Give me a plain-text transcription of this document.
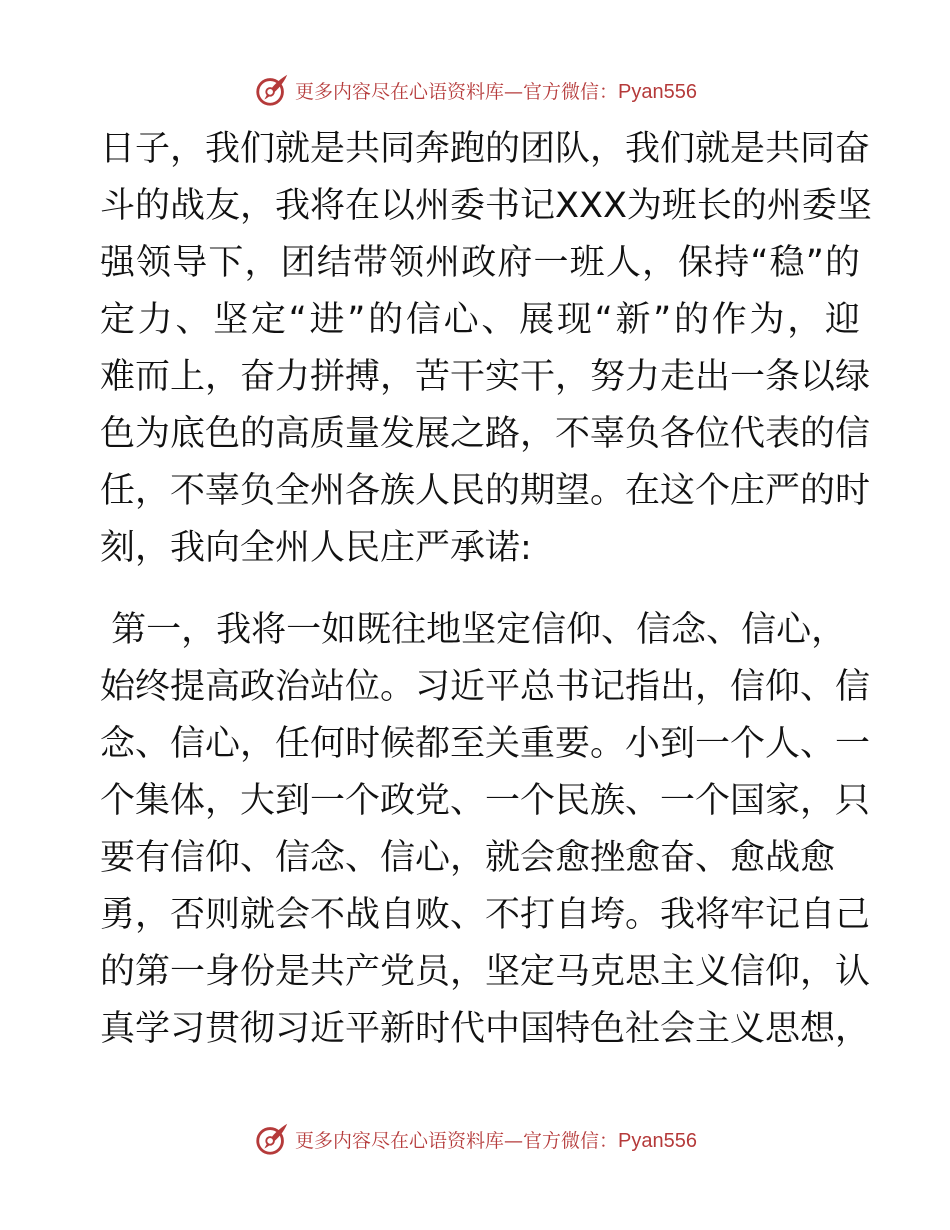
更多内容尽在心语资料库—官方微信：Pyan556
日子，我们就是共同奔跑的团队，我们就是共同奋
斗的战友，我将在以州委书记XXX为班长的州委坚
强领导下，团结带领州政府一班人，保持“稳”的
定力、坚定“进”的信心、展现“新”的作为，迎
难而上，奋力拼搏，苦干实干，努力走出一条以绿
色为底色的高质量发展之路，不辜负各位代表的信
任，不辜负全州各族人民的期望。在这个庄严的时
刻，我向全州人民庄严承诺:
第一，我将一如既往地坚定信仰、信念、信心，
始终提高政治站位。习近平总书记指出，信仰、信
念、信心，任何时候都至关重要。小到一个人、一
个集体，大到一个政党、一个民族、一个国家，只
要有信仰、信念、信心，就会愈挫愈奋、愈战愈
勇，否则就会不战自败、不打自垮。我将牢记自己
的第一身份是共产党员，坚定马克思主义信仰，认
真学习贯彻习近平新时代中国特色社会主义思想，
更多内容尽在心语资料库—官方微信：Pyan556
